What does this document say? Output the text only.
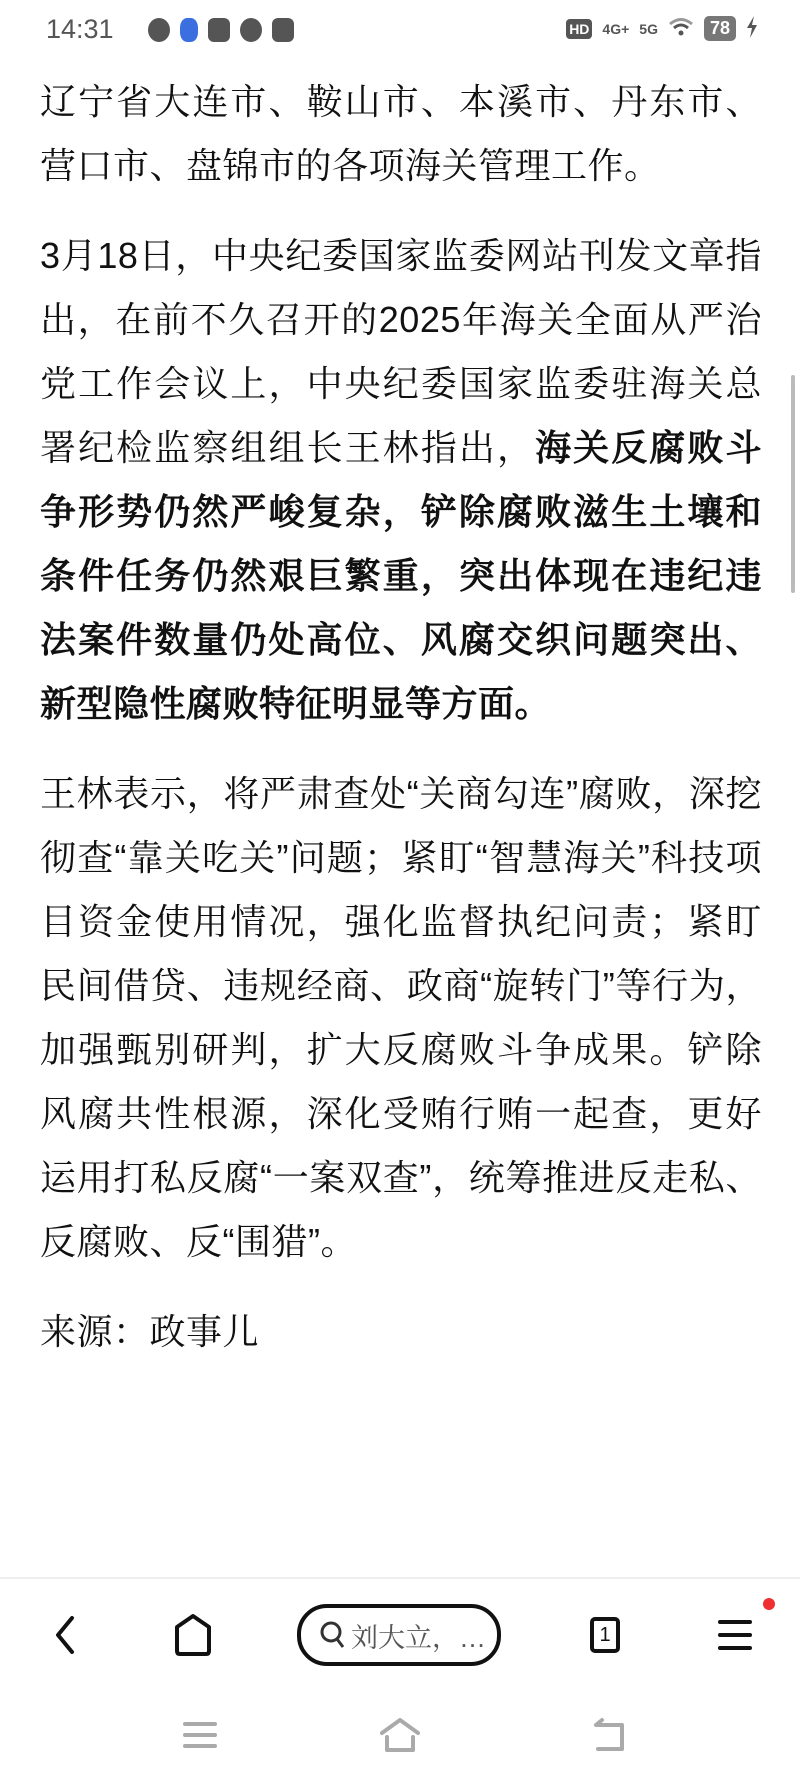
14:31	HD 4G+ 5G	78

辽宁省大连市、鞍山市、本溪市、丹东市、营口市、盘锦市的各项海关管理工作。

3月18日，中央纪委国家监委网站刊发文章指出，在前不久召开的2025年海关全面从严治党工作会议上，中央纪委国家监委驻海关总署纪检监察组组长王林指出，海关反腐败斗争形势仍然严峻复杂，铲除腐败滋生土壤和条件任务仍然艰巨繁重，突出体现在违纪违法案件数量仍处高位、风腐交织问题突出、新型隐性腐败特征明显等方面。

王林表示，将严肃查处“关商勾连”腐败，深挖彻查“靠关吃关”问题；紧盯“智慧海关”科技项目资金使用情况，强化监督执纪问责；紧盯民间借贷、违规经商、政商“旋转门”等行为，加强甄别研判，扩大反腐败斗争成果。铲除风腐共性根源，深化受贿行贿一起查，更好运用打私反腐“一案双查”，统筹推进反走私、反腐败、反“围猎”。

来源：政事儿

刘大立，…	1
